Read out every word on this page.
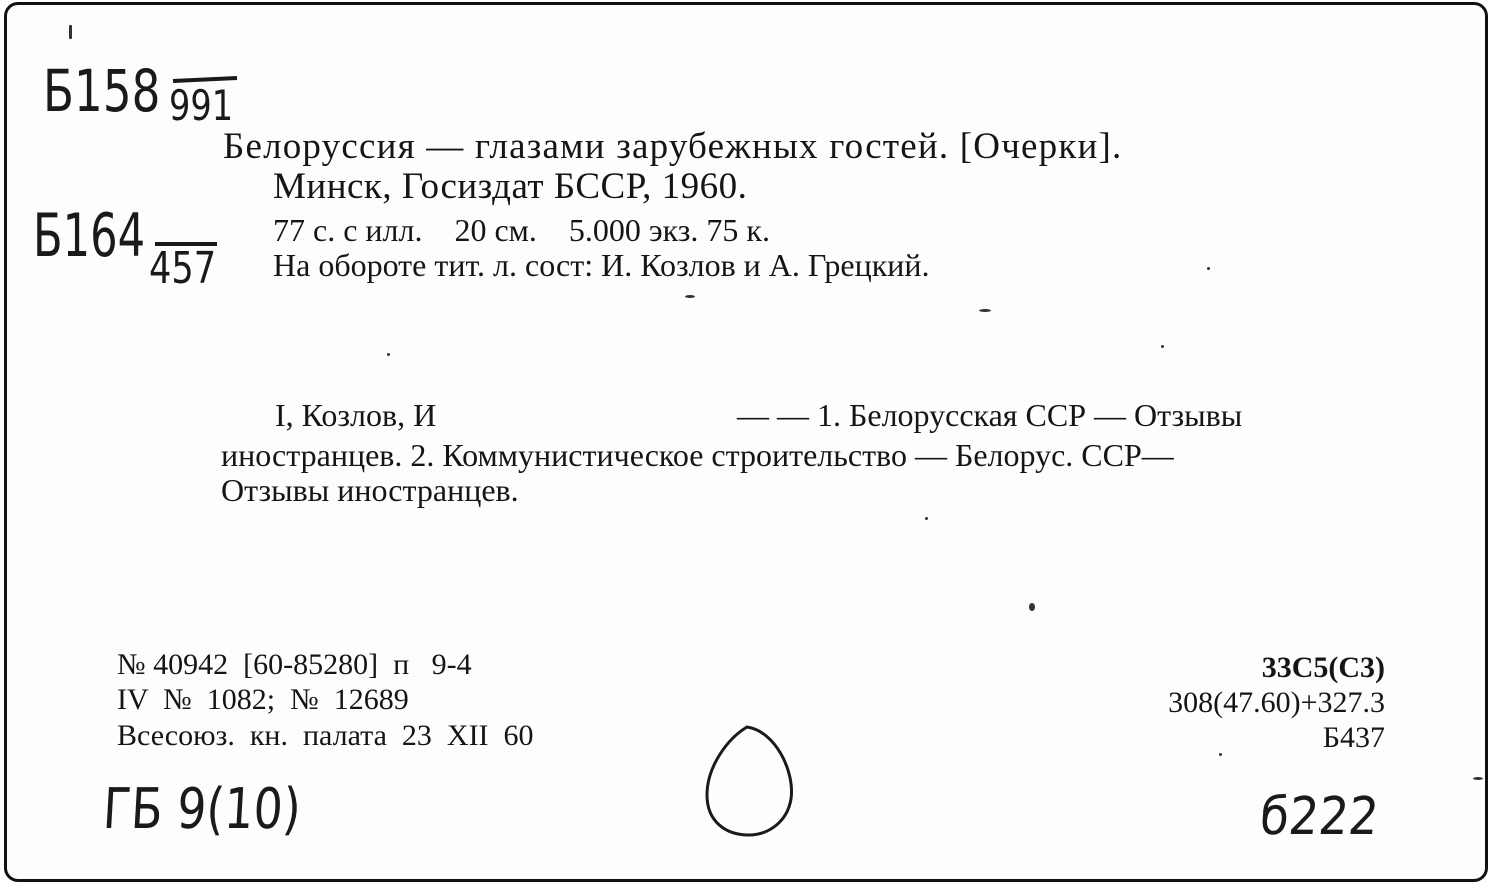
Б158 991
Б164 457
Белоруссия — глазами зарубежных гостей. [Очерки].
Минск, Госиздат БССР, 1960.
77 с. с илл.    20 см.    5.000 экз. 75 к.
На обороте тит. л. сост: И. Козлов и А. Грецкий.
I, Козлов, И	— — 1. Белорусская ССР — Отзывы
иностранцев. 2. Коммунистическое строительство — Белорус. ССР—
Отзывы иностранцев.
№ 40942  [60-85280]  п   9-4
IV  №  1082;  №  12689
Всесоюз.  кн.  палата  23  XII  60
33С5(С3)
308(47.60)+327.3
Б437
ГБ 9(10)	б222
